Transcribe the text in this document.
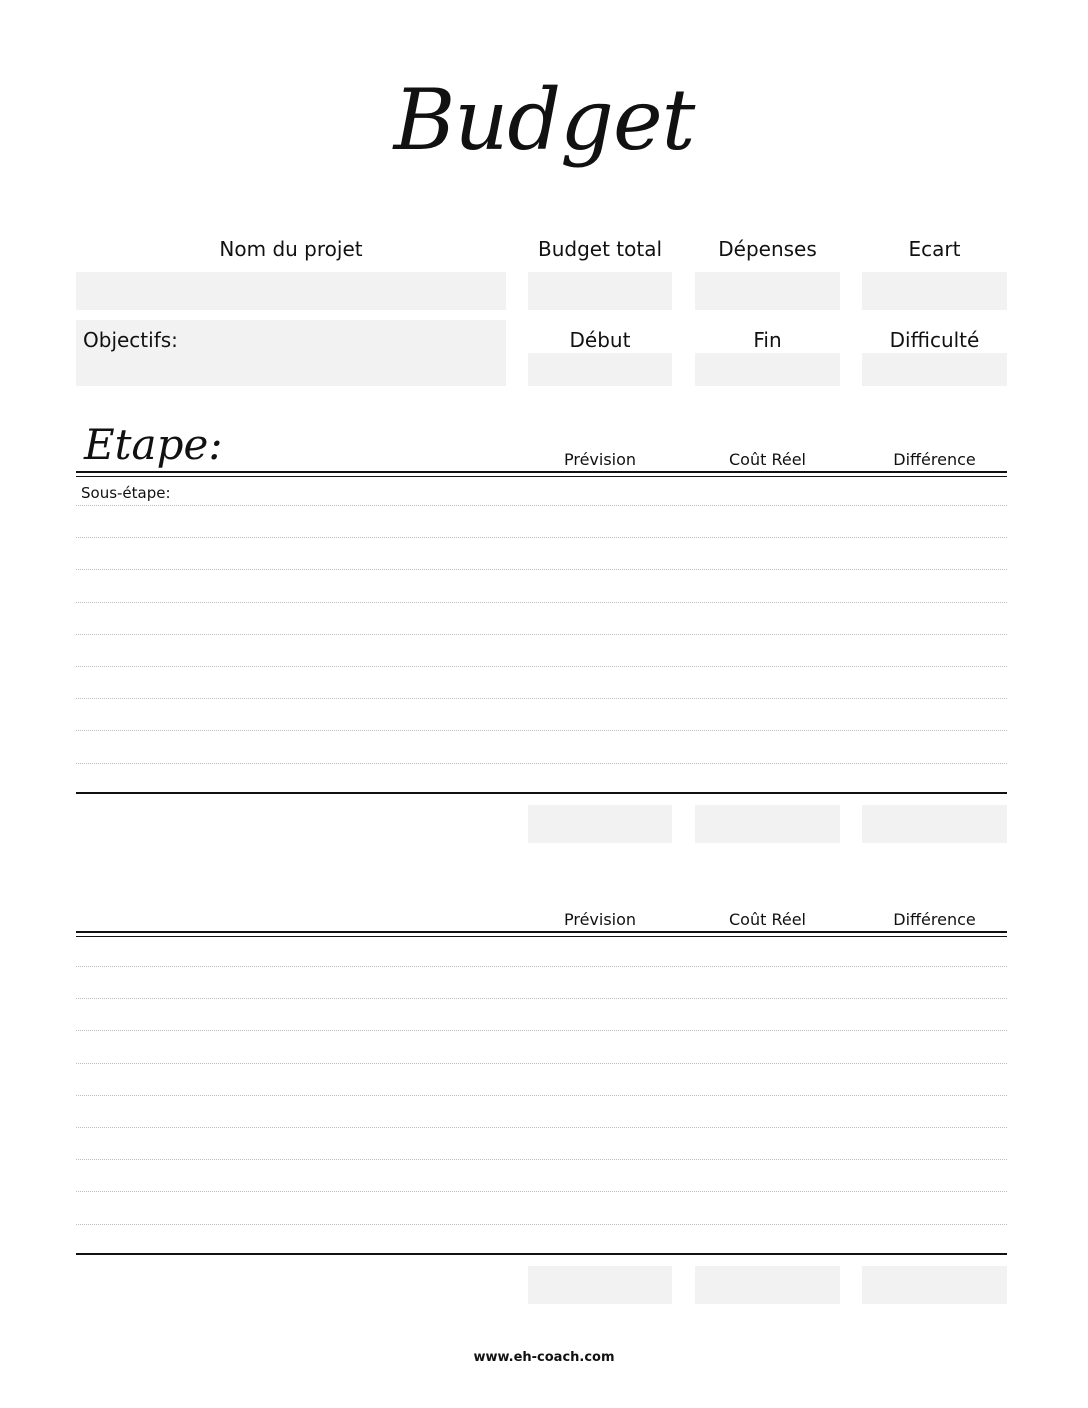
Budget
Nom du projet	Budget total	Dépenses	Ecart
Objectifs:	Début	Fin	Difficulté
Etape:	Prévision	Coût Réel	Différence
Sous-étape:
Prévision	Coût Réel	Différence
www.eh-coach.com
